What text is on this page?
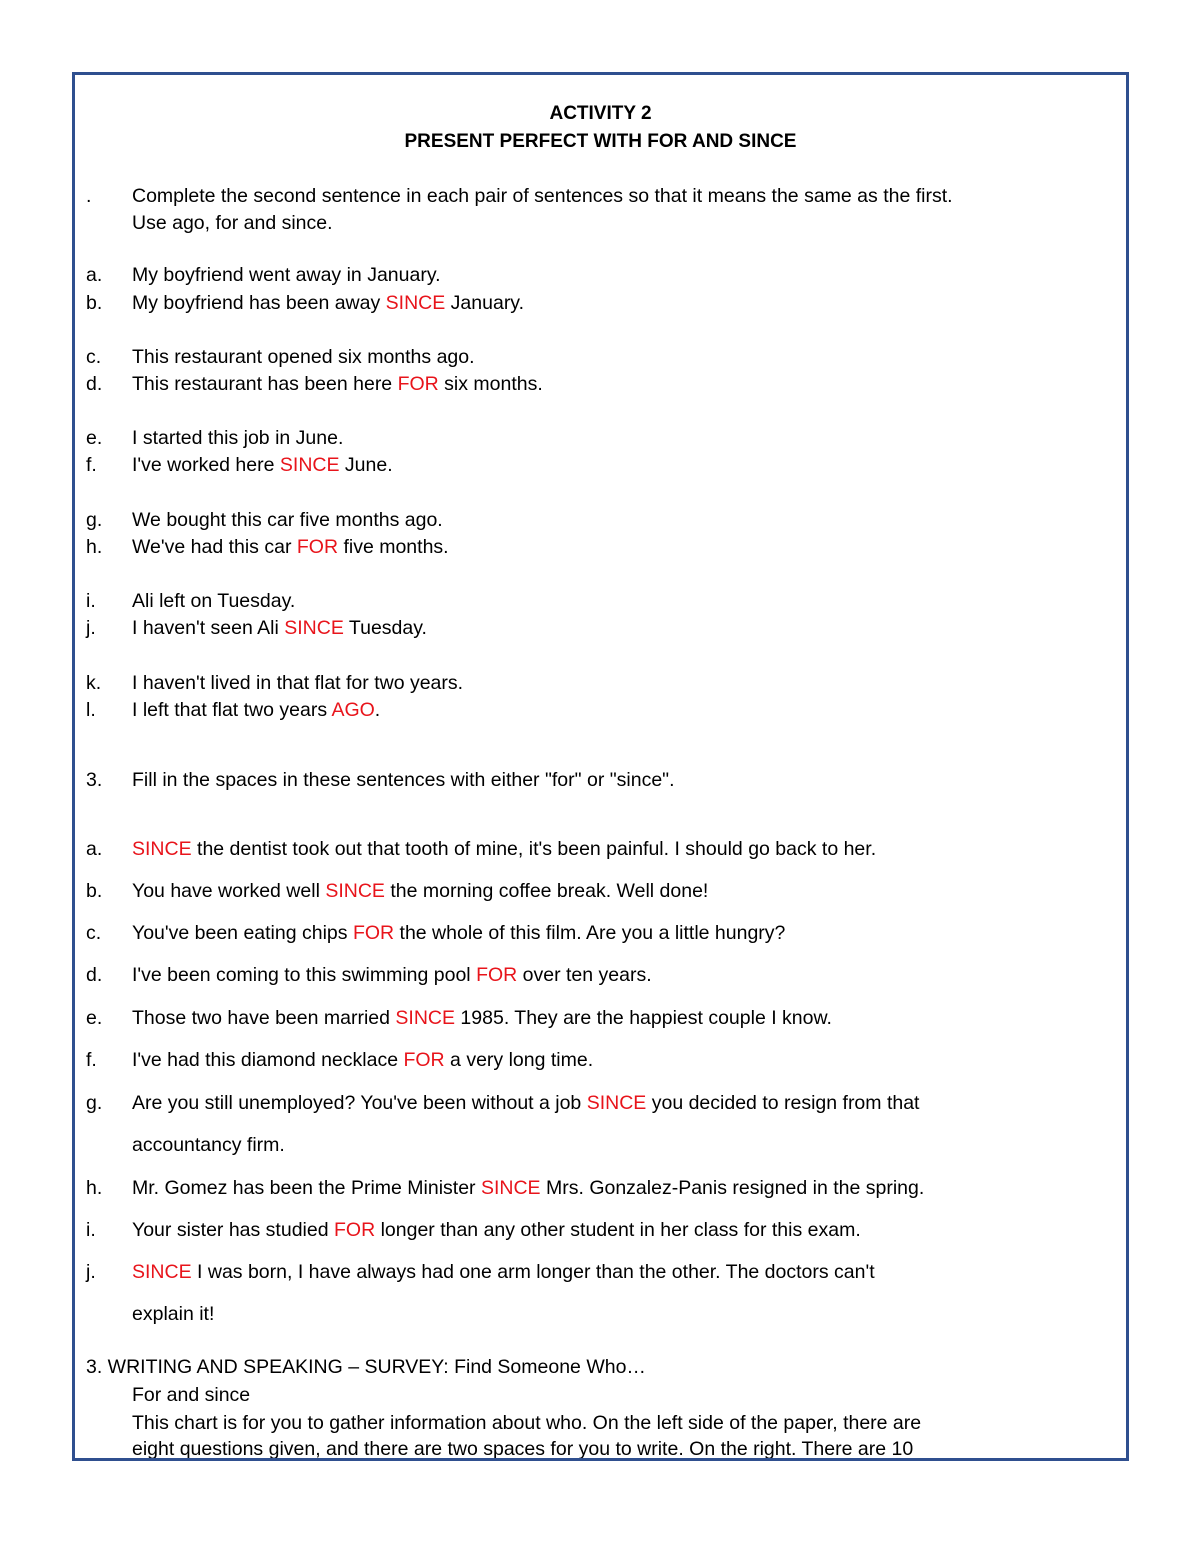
ACTIVITY 2
PRESENT PERFECT WITH FOR AND SINCE
. Complete the second sentence in each pair of sentences so that it means the same as the first.
Use ago, for and since.
a. My boyfriend went away in January.
b. My boyfriend has been away SINCE January.
c. This restaurant opened six months ago.
d. This restaurant has been here FOR six months.
e. I started this job in June.
f. I've worked here SINCE June.
g. We bought this car five months ago.
h. We've had this car FOR five months.
i. Ali left on Tuesday.
j. I haven't seen Ali SINCE Tuesday.
k. I haven't lived in that flat for two years.
l. I left that flat two years AGO.
3. Fill in the spaces in these sentences with either "for" or "since".
a. SINCE the dentist took out that tooth of mine, it's been painful. I should go back to her.
b. You have worked well SINCE the morning coffee break. Well done!
c. You've been eating chips FOR the whole of this film. Are you a little hungry?
d. I've been coming to this swimming pool FOR over ten years.
e. Those two have been married SINCE 1985. They are the happiest couple I know.
f. I've had this diamond necklace FOR a very long time.
g. Are you still unemployed? You've been without a job SINCE you decided to resign from that
accountancy firm.
h. Mr. Gomez has been the Prime Minister SINCE Mrs. Gonzalez-Panis resigned in the spring.
i. Your sister has studied FOR longer than any other student in her class for this exam.
j. SINCE I was born, I have always had one arm longer than the other. The doctors can't
explain it!
3. WRITING AND SPEAKING – SURVEY: Find Someone Who…
For and since
This chart is for you to gather information about who. On the left side of the paper, there are
eight questions given, and there are two spaces for you to write. On the right. There are 10
